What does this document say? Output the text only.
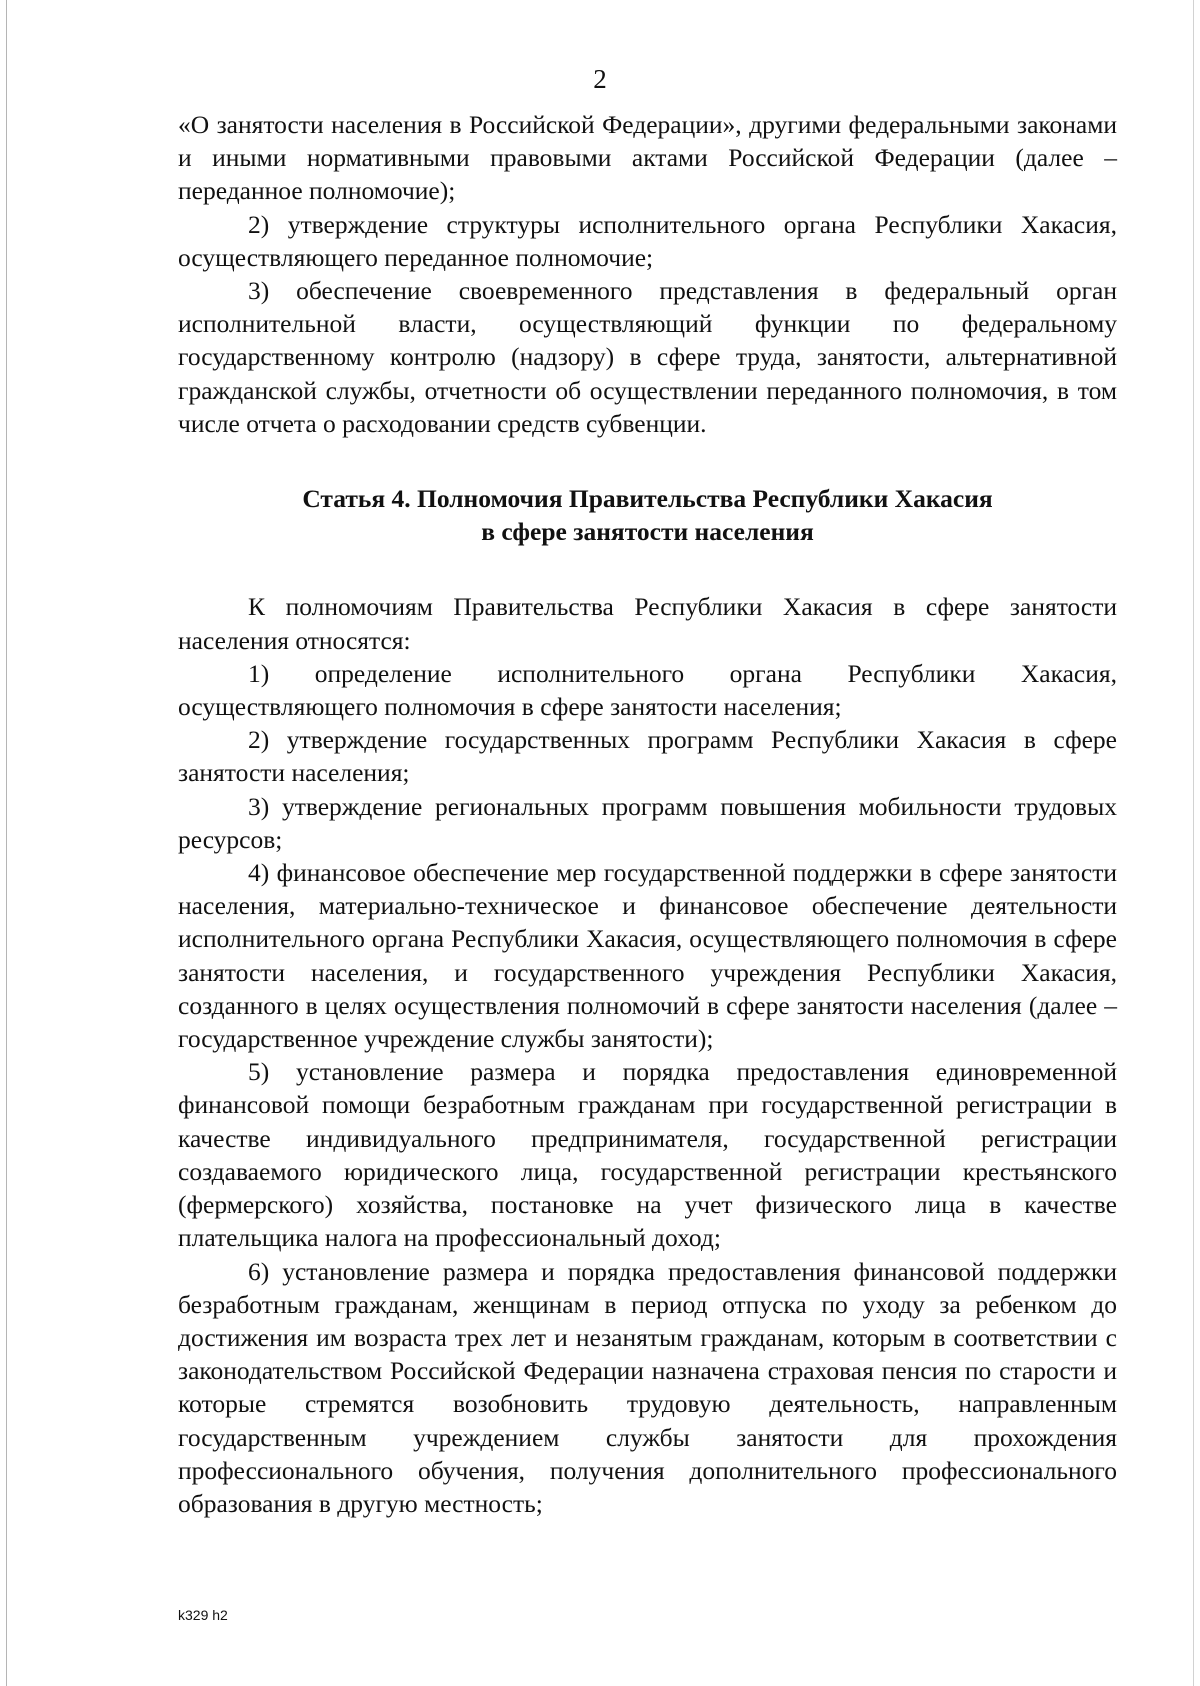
2

«О занятости населения в Российской Федерации», другими федеральными законами и иными нормативными правовыми актами Российской Федерации (далее – переданное полномочие);

2) утверждение структуры исполнительного органа Республики Хакасия, осуществляющего переданное полномочие;

3) обеспечение своевременного представления в федеральный орган исполнительной власти, осуществляющий функции по федеральному государственному контролю (надзору) в сфере труда, занятости, альтернативной гражданской службы, отчетности об осуществлении переданного полномочия, в том числе отчета о расходовании средств субвенции.

Статья 4. Полномочия Правительства Республики Хакасия

в сфере занятости населения

К полномочиям Правительства Республики Хакасия в сфере занятости населения относятся:

1) определение исполнительного органа Республики Хакасия, осуществляющего полномочия в сфере занятости населения;

2) утверждение государственных программ Республики Хакасия в сфере занятости населения;

3) утверждение региональных программ повышения мобильности трудовых ресурсов;

4) финансовое обеспечение мер государственной поддержки в сфере занятости населения, материально-техническое и финансовое обеспечение деятельности исполнительного органа Республики Хакасия, осуществляющего полномочия в сфере занятости населения, и государственного учреждения Республики Хакасия, созданного в целях осуществления полномочий в сфере занятости населения (далее – государственное учреждение службы занятости);

5) установление размера и порядка предоставления единовременной финансовой помощи безработным гражданам при государственной регистрации в качестве индивидуального предпринимателя, государственной регистрации создаваемого юридического лица, государственной регистрации крестьянского (фермерского) хозяйства, постановке на учет физического лица в качестве плательщика налога на профессиональный доход;

6) установление размера и порядка предоставления финансовой поддержки безработным гражданам, женщинам в период отпуска по уходу за ребенком до достижения им возраста трех лет и незанятым гражданам, которым в соответствии с законодательством Российской Федерации назначена страховая пенсия по старости и которые стремятся возобновить трудовую деятельность, направленным государственным учреждением службы занятости для прохождения профессионального обучения, получения дополнительного профессионального образования в другую местность;

k329 h2
